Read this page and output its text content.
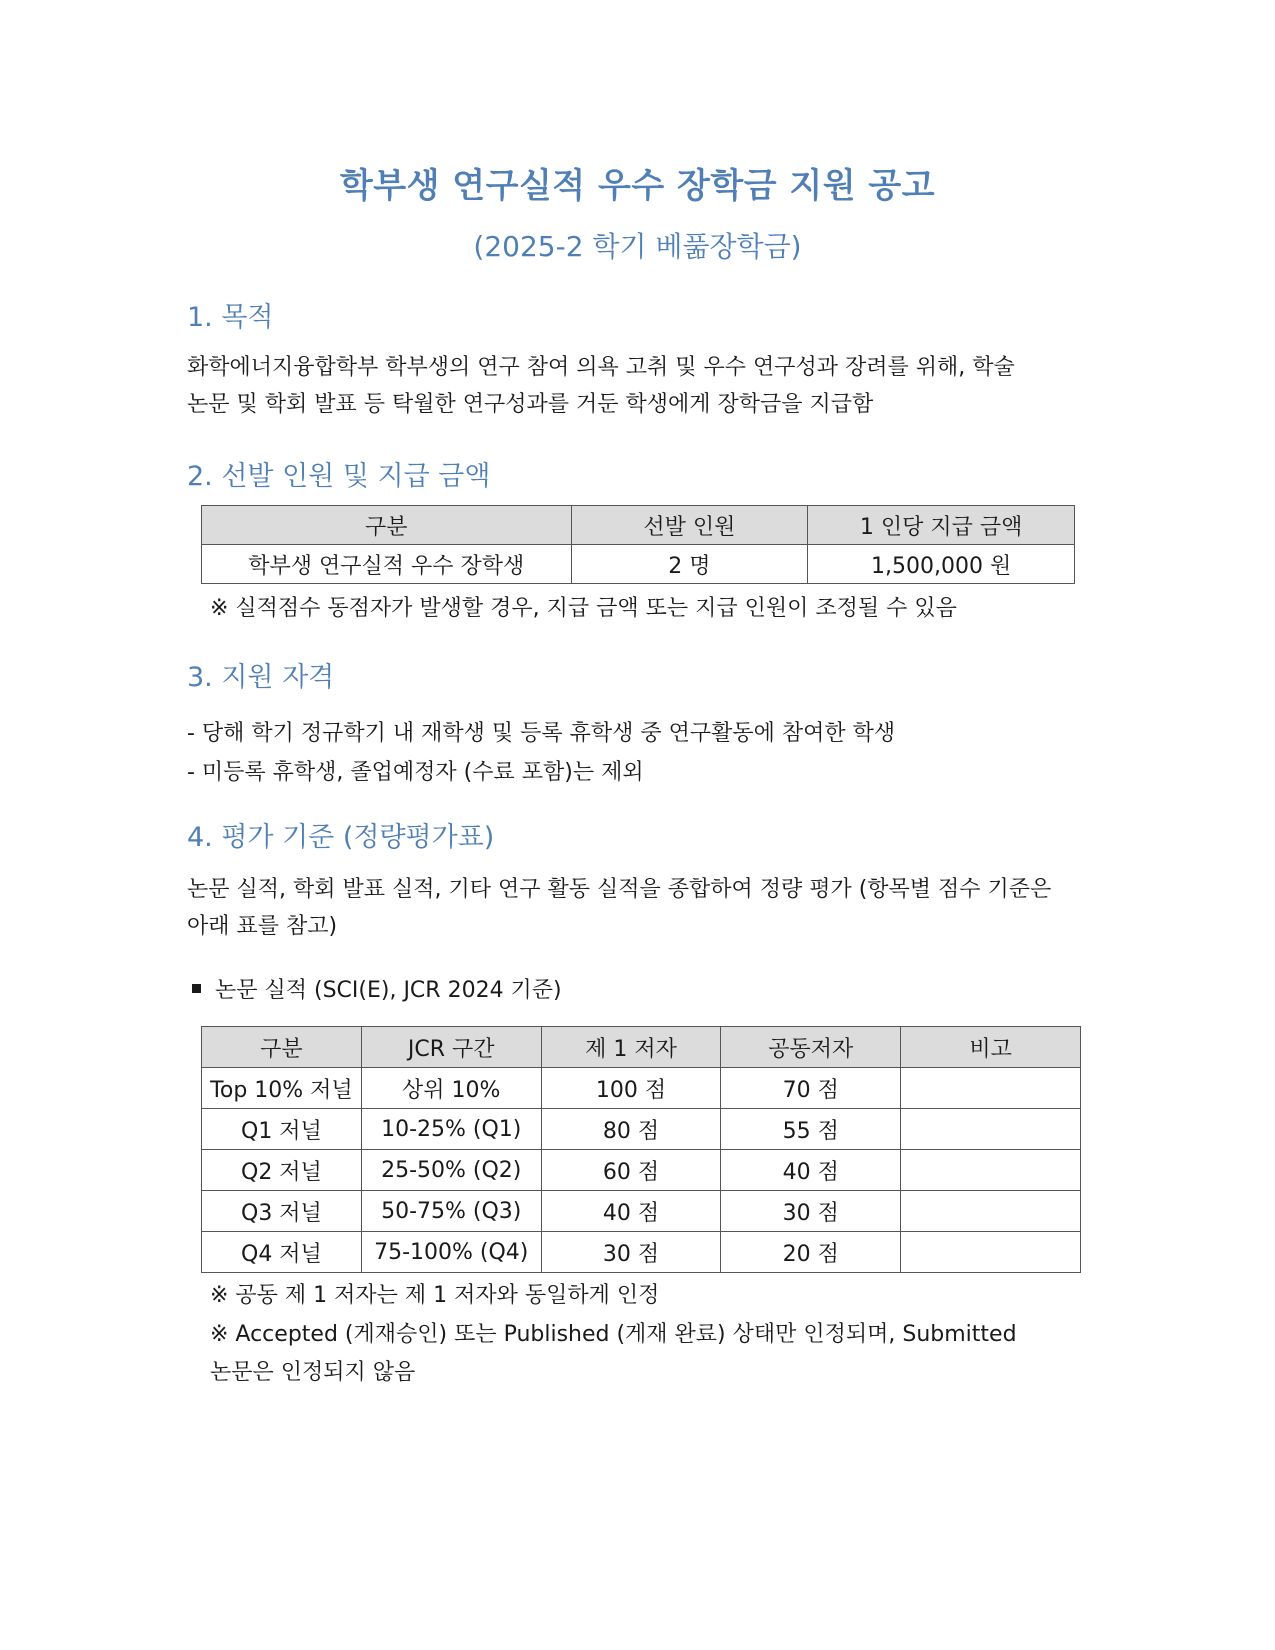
학부생 연구실적 우수 장학금 지원 공고
(2025-2 학기 베풂장학금)
1. 목적

화학에너지융합학부 학부생의 연구 참여 의욕 고취 및 우수 연구성과 장려를 위해, 학술

논문 및 학회 발표 등 탁월한 연구성과를 거둔 학생에게 장학금을 지급함

2. 선발 인원 및 지급 금액
구분	선발 인원	1 인당 지급 금액
학부생 연구실적 우수 장학생	2 명	1,500,000 원

※ 실적점수 동점자가 발생할 경우, 지급 금액 또는 지급 인원이 조정될 수 있음

3. 지원 자격

- 당해 학기 정규학기 내 재학생 및 등록 휴학생 중 연구활동에 참여한 학생

- 미등록 휴학생, 졸업예정자 (수료 포함)는 제외

4. 평가 기준 (정량평가표)

논문 실적, 학회 발표 실적, 기타 연구 활동 실적을 종합하여 정량 평가 (항목별 점수 기준은

아래 표를 참고)

논문 실적 (SCI(E), JCR 2024 기준)
구분	JCR 구간	제 1 저자	공동저자	비고
Top 10% 저널	상위 10%	100 점	70 점	
Q1 저널	10-25% (Q1)	80 점	55 점	
Q2 저널	25-50% (Q2)	60 점	40 점	
Q3 저널	50-75% (Q3)	40 점	30 점	
Q4 저널	75-100% (Q4)	30 점	20 점	

※ 공동 제 1 저자는 제 1 저자와 동일하게 인정

※ Accepted (게재승인) 또는 Published (게재 완료) 상태만 인정되며, Submitted

논문은 인정되지 않음
